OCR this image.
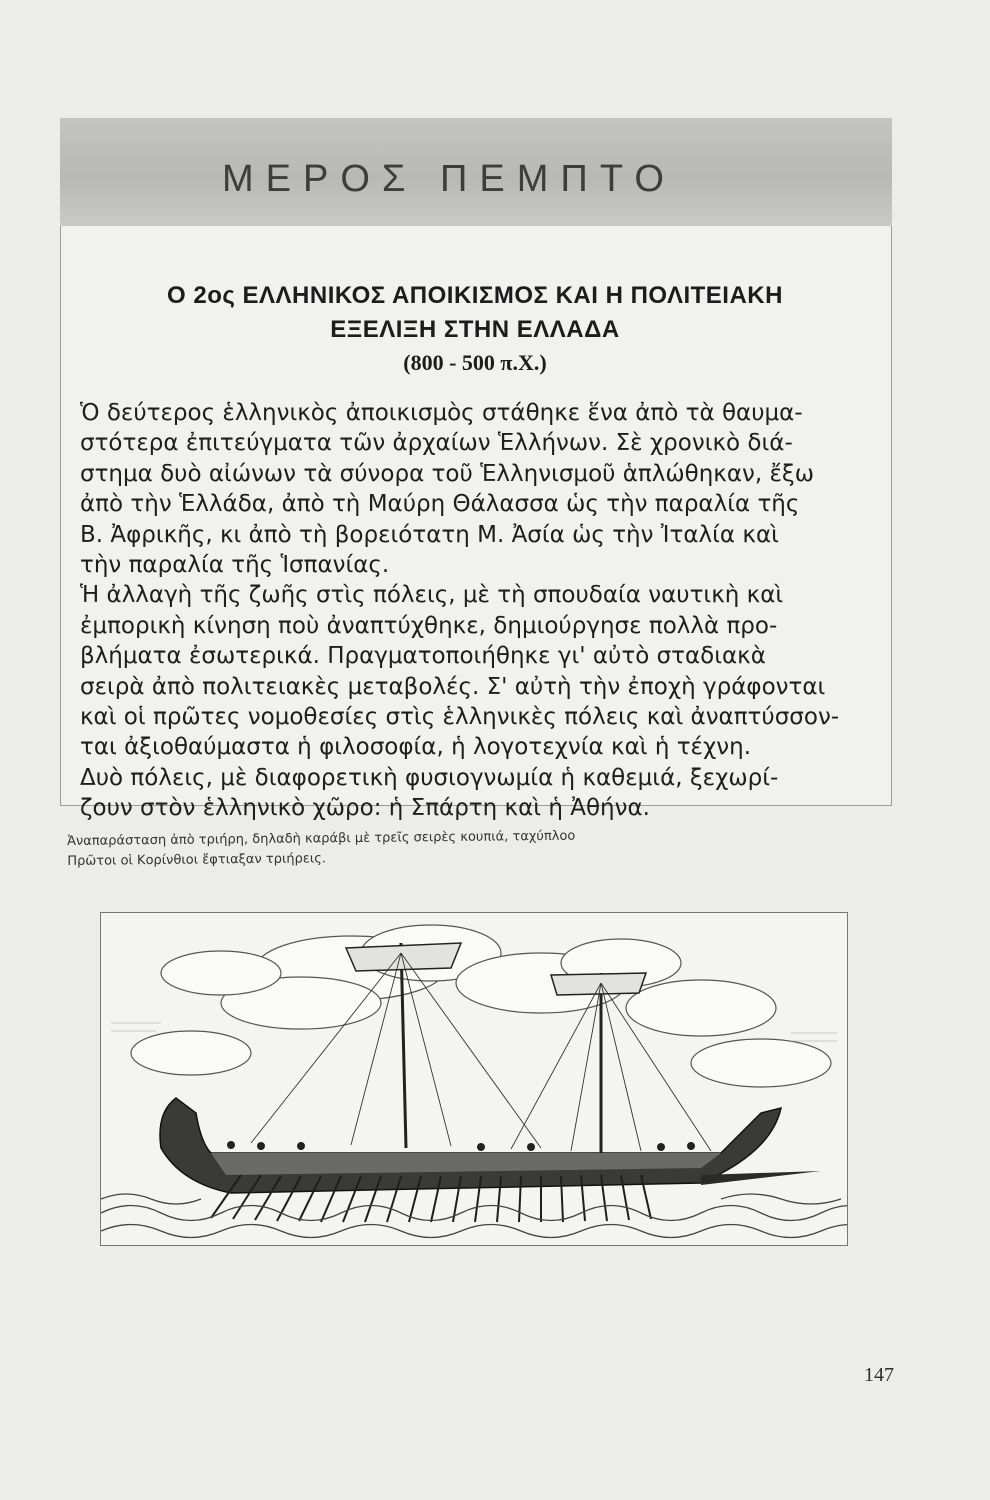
ΜΕΡΟΣ ΠΕΜΠΤΟ
Ο 2ος ΕΛΛΗΝΙΚΟΣ ΑΠΟΙΚΙΣΜΟΣ ΚΑΙ Η ΠΟΛΙΤΕΙΑΚΗ
ΕΞΕΛΙΞΗ ΣΤΗΝ ΕΛΛΑΔΑ
(800 - 500 π.Χ.)
Ὁ δεύτερος ἑλληνικὸς ἀποικισμὸς στάθηκε ἕνα ἀπὸ τὰ θαυμα-
στότερα ἐπιτεύγματα τῶν ἀρχαίων Ἑλλήνων. Σὲ χρονικὸ διά-
στημα δυὸ αἰώνων τὰ σύνορα τοῦ Ἑλληνισμοῦ ἁπλώθηκαν, ἔξω
ἀπὸ τὴν Ἑλλάδα, ἀπὸ τὴ Μαύρη Θάλασσα ὡς τὴν παραλία τῆς
Β. Ἀφρικῆς, κι ἀπὸ τὴ βορειότατη Μ. Ἀσία ὡς τὴν Ἰταλία καὶ
τὴν παραλία τῆς Ἱσπανίας.
Ἡ ἀλλαγὴ τῆς ζωῆς στὶς πόλεις, μὲ τὴ σπουδαία ναυτικὴ καὶ
ἐμπορικὴ κίνηση ποὺ ἀναπτύχθηκε, δημιούργησε πολλὰ προ-
βλήματα ἐσωτερικά. Πραγματοποιήθηκε γι' αὐτὸ σταδιακὰ
σειρὰ ἀπὸ πολιτειακὲς μεταβολές. Σ' αὐτὴ τὴν ἐποχὴ γράφονται
καὶ οἱ πρῶτες νομοθεσίες στὶς ἑλληνικὲς πόλεις καὶ ἀναπτύσσον-
ται ἀξιοθαύμαστα ἡ φιλοσοφία, ἡ λογοτεχνία καὶ ἡ τέχνη.
Δυὸ πόλεις, μὲ διαφορετικὴ φυσιογνωμία ἡ καθεμιά, ξεχωρί-
ζουν στὸν ἑλληνικὸ χῶρο: ἡ Σπάρτη καὶ ἡ Ἀθήνα.
Ἀναπαράσταση ἀπὸ τριήρη, δηλαδὴ καράβι μὲ τρεῖς σειρὲς κουπιά, ταχύπλοο
Πρῶτοι οἱ Κορίνθιοι ἔφτιαξαν τριήρεις.
147
